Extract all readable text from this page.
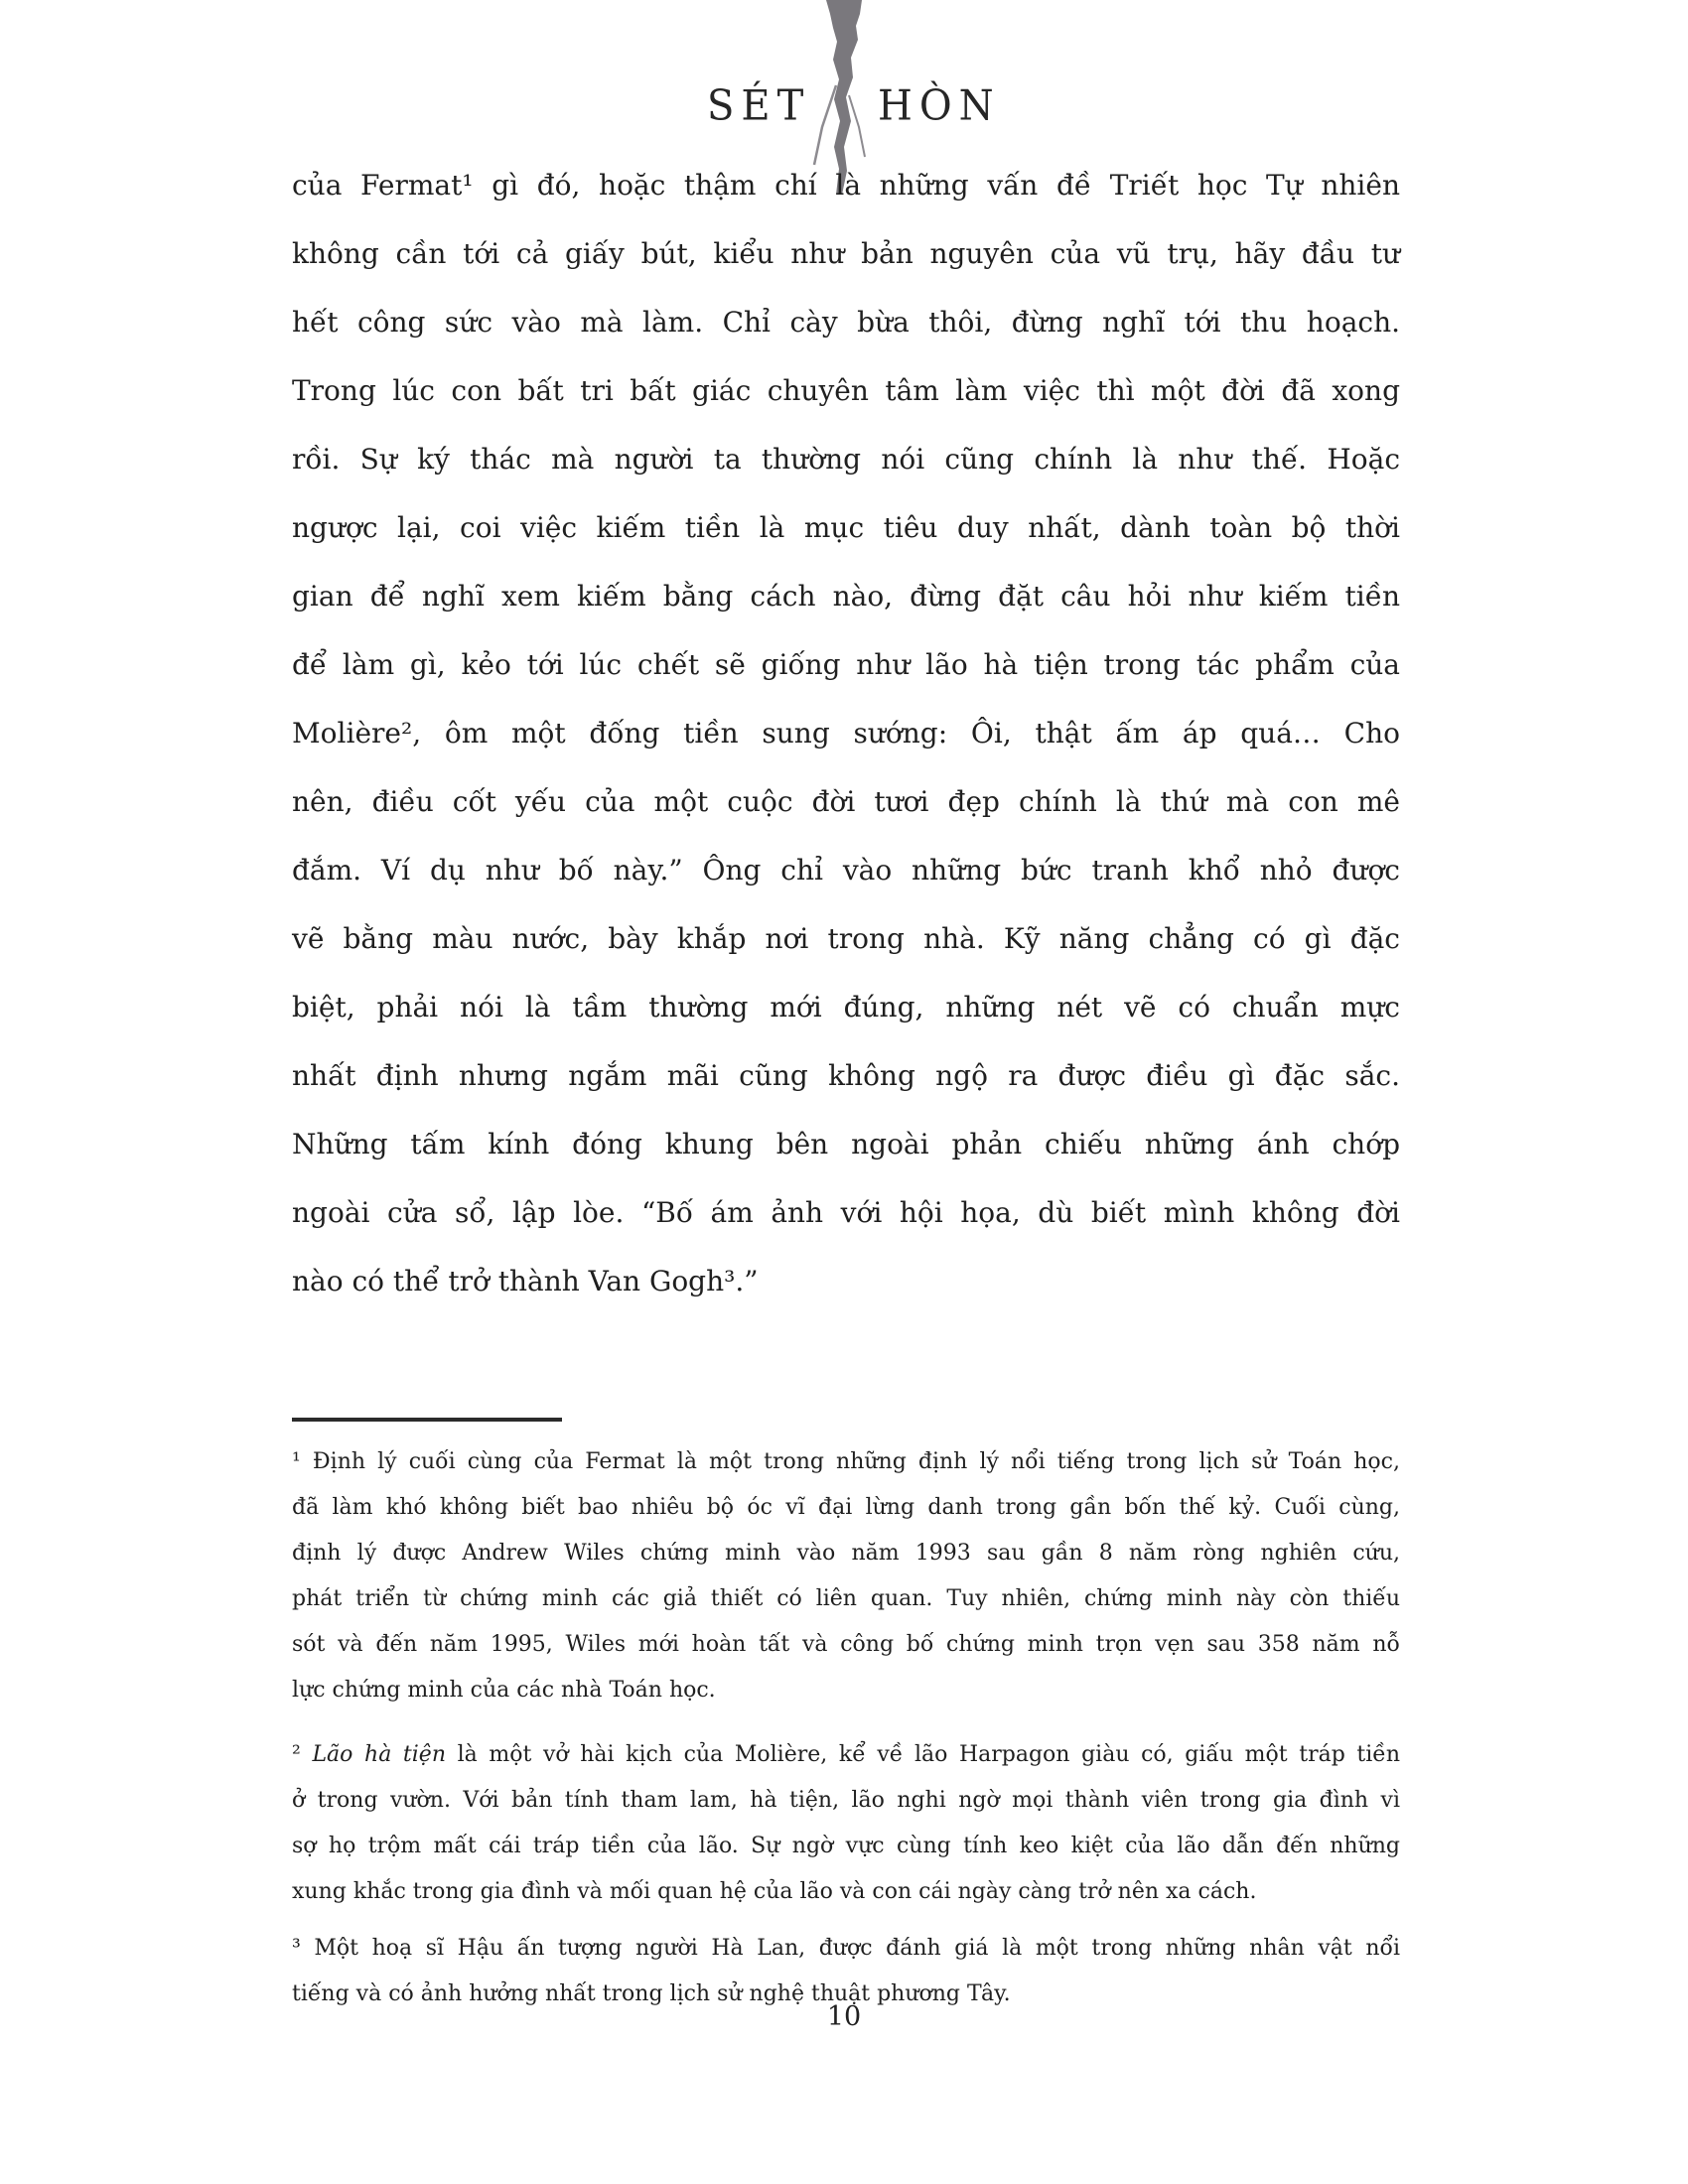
SÉT HÒN
của Fermat¹ gì đó, hoặc thậm chí là những vấn đề Triết học Tự nhiên
không cần tới cả giấy bút, kiểu như bản nguyên của vũ trụ, hãy đầu tư
hết công sức vào mà làm. Chỉ cày bừa thôi, đừng nghĩ tới thu hoạch.
Trong lúc con bất tri bất giác chuyên tâm làm việc thì một đời đã xong
rồi. Sự ký thác mà người ta thường nói cũng chính là như thế. Hoặc
ngược lại, coi việc kiếm tiền là mục tiêu duy nhất, dành toàn bộ thời
gian để nghĩ xem kiếm bằng cách nào, đừng đặt câu hỏi như kiếm tiền
để làm gì, kẻo tới lúc chết sẽ giống như lão hà tiện trong tác phẩm của
Molière², ôm một đống tiền sung sướng: Ôi, thật ấm áp quá… Cho
nên, điều cốt yếu của một cuộc đời tươi đẹp chính là thứ mà con mê
đắm. Ví dụ như bố này.” Ông chỉ vào những bức tranh khổ nhỏ được
vẽ bằng màu nước, bày khắp nơi trong nhà. Kỹ năng chẳng có gì đặc
biệt, phải nói là tầm thường mới đúng, những nét vẽ có chuẩn mực
nhất định nhưng ngắm mãi cũng không ngộ ra được điều gì đặc sắc.
Những tấm kính đóng khung bên ngoài phản chiếu những ánh chớp
ngoài cửa sổ, lập lòe. “Bố ám ảnh với hội họa, dù biết mình không đời
nào có thể trở thành Van Gogh³.”
¹ Định lý cuối cùng của Fermat là một trong những định lý nổi tiếng trong lịch sử Toán học,
đã làm khó không biết bao nhiêu bộ óc vĩ đại lừng danh trong gần bốn thế kỷ. Cuối cùng,
định lý được Andrew Wiles chứng minh vào năm 1993 sau gần 8 năm ròng nghiên cứu,
phát triển từ chứng minh các giả thiết có liên quan. Tuy nhiên, chứng minh này còn thiếu
sót và đến năm 1995, Wiles mới hoàn tất và công bố chứng minh trọn vẹn sau 358 năm nỗ
lực chứng minh của các nhà Toán học.
² Lão hà tiện là một vở hài kịch của Molière, kể về lão Harpagon giàu có, giấu một tráp tiền
ở trong vườn. Với bản tính tham lam, hà tiện, lão nghi ngờ mọi thành viên trong gia đình vì
sợ họ trộm mất cái tráp tiền của lão. Sự ngờ vực cùng tính keo kiệt của lão dẫn đến những
xung khắc trong gia đình và mối quan hệ của lão và con cái ngày càng trở nên xa cách.
³ Một hoạ sĩ Hậu ấn tượng người Hà Lan, được đánh giá là một trong những nhân vật nổi
tiếng và có ảnh hưởng nhất trong lịch sử nghệ thuật phương Tây.
10
